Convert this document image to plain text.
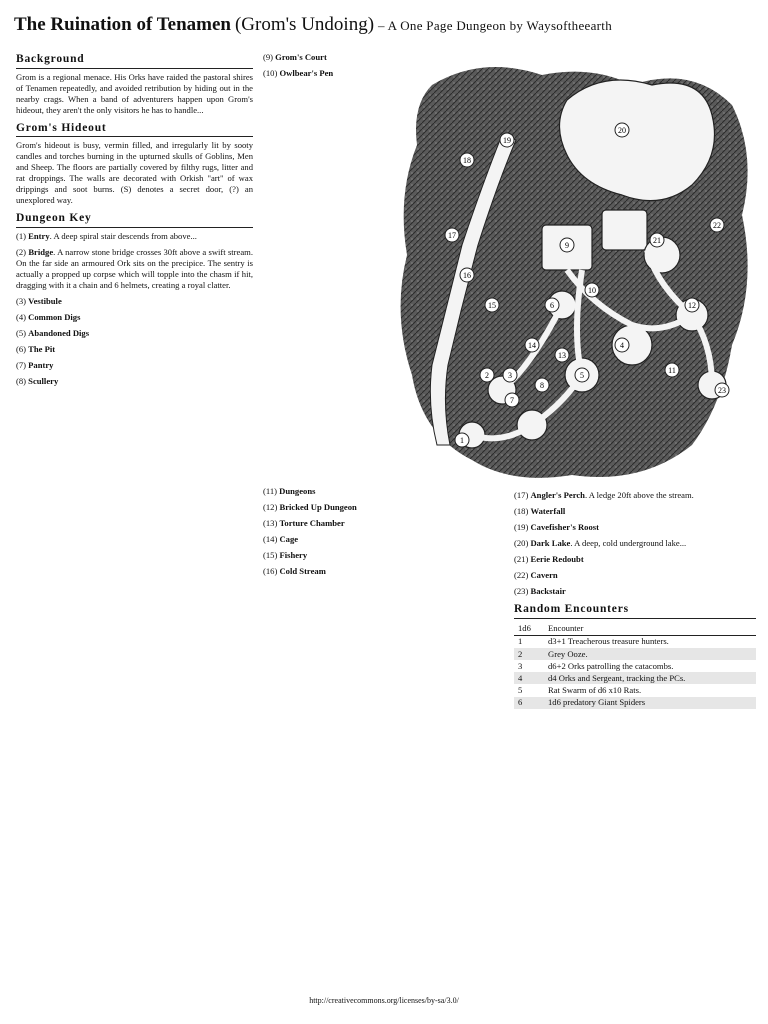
The Ruination of Tenamen (Grom's Undoing) – A One Page Dungeon by Waysoftheearth
Background

Grom is a regional menace. His Orks have raided the pastoral shires of Tenamen repeatedly, and avoided retribution by hiding out in the nearby crags. When a band of adventurers happen upon Grom's hideout, they aren't the only visitors he has to handle...

Grom's Hideout

Grom's hideout is busy, vermin filled, and irregularly lit by sooty candles and torches burning in the upturned skulls of Goblins, Men and Sheep. The floors are partially covered by filthy rugs, litter and rat droppings. The walls are decorated with Orkish "art" of wax drippings and soot burns. (S) denotes a secret door, (?) an unexplored way.

Dungeon Key

(1) Entry. A deep spiral stair descends from above...

(2) Bridge. A narrow stone bridge crosses 30ft above a swift stream. On the far side an armoured Ork sits on the precipice. The sentry is actually a propped up corpse which will topple into the chasm if hit, dragging with it a chain and 6 helmets, creating a royal clatter.

(3) Vestibule

(4) Common Digs

(5) Abandoned Digs

(6) The Pit

(7) Pantry

(8) Scullery

(9) Grom's Court

(10) Owlbear's Pen

1
2 3
4
5
6
7
8
9
10
11
12
13
14
15
16
17
18
19
20
21
22
23

(11) Dungeons

(12) Bricked Up Dungeon

(13) Torture Chamber

(14) Cage

(15) Fishery

(16) Cold Stream

(17) Angler's Perch. A ledge 20ft above the stream.

(18) Waterfall

(19) Cavefisher's Roost

(20) Dark Lake. A deep, cold underground lake...

(21) Eerie Redoubt

(22) Cavern

(23) Backstair

Random Encounters
1d6	Encounter
1	d3+1 Treacherous treasure hunters.
2	Grey Ooze.
3	d6+2 Orks patrolling the catacombs.
4	d4 Orks and Sergeant, tracking the PCs.
5	Rat Swarm of d6 x10 Rats.
6	1d6 predatory Giant Spiders
http://creativecommons.org/licenses/by-sa/3.0/
